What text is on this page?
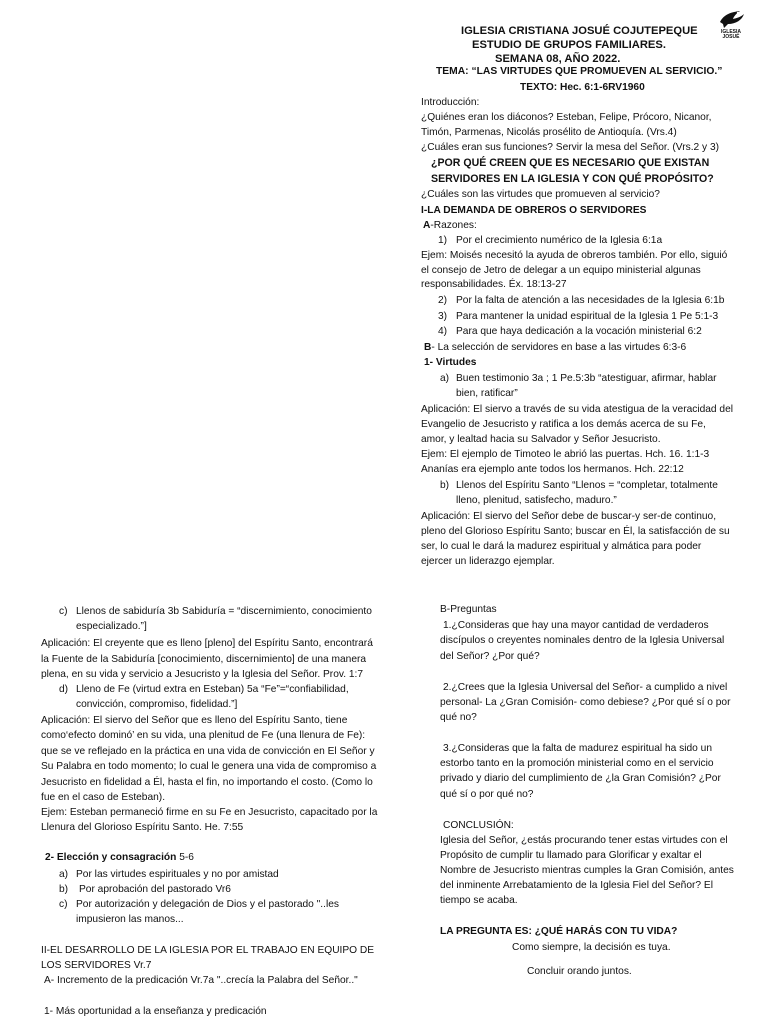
IGLESIA CRISTIANA JOSUÉ COJUTEPEQUE
ESTUDIO DE GRUPOS FAMILIARES.
SEMANA 08, AÑO 2022.
TEMA: “LAS VIRTUDES QUE PROMUEVEN AL SERVICIO.”
TEXTO: Hec. 6:1-6RV1960
IGLESIA JOSUÉ
Introducción:
¿Quiénes eran los diáconos? Esteban, Felipe, Prócoro, Nicanor,
Timón, Parmenas, Nicolás prosélito de Antioquía. (Vrs.4)
¿Cuáles eran sus funciones? Servir la mesa del Señor. (Vrs.2 y 3)
¿POR QUÉ CREEN QUE ES NECESARIO QUE EXISTAN
SERVIDORES EN LA IGLESIA Y CON QUÉ PROPÓSITO?
¿Cuáles son las virtudes que promueven al servicio?
I-LA DEMANDA DE OBREROS O SERVIDORES
A-Razones:
1) Por el crecimiento numérico de la Iglesia 6:1a
Ejem: Moisés necesitó la ayuda de obreros también. Por ello, siguió
el consejo de Jetro de delegar a un equipo ministerial algunas
responsabilidades. Éx. 18:13-27
2) Por la falta de atención a las necesidades de la Iglesia 6:1b
3) Para mantener la unidad espiritual de la Iglesia 1 Pe 5:1-3
4) Para que haya dedicación a la vocación ministerial 6:2
B- La selección de servidores en base a las virtudes 6:3-6
1- Virtudes
a) Buen testimonio 3a ; 1 Pe.5:3b “atestiguar, afirmar, hablar
bien, ratificar”
Aplicación: El siervo a través de su vida atestigua de la veracidad del
Evangelio de Jesucristo y ratifica a los demás acerca de su Fe,
amor, y lealtad hacia su Salvador y Señor Jesucristo.
Ejem: El ejemplo de Timoteo le abrió las puertas. Hch. 16. 1:1-3
Ananías era ejemplo ante todos los hermanos. Hch. 22:12
b) Llenos del Espíritu Santo “Llenos = “completar, totalmente
lleno, plenitud, satisfecho, maduro.”
Aplicación: El siervo del Señor debe de buscar-y ser-de continuo,
pleno del Glorioso Espíritu Santo; buscar en Él, la satisfacción de su
ser, lo cual le dará la madurez espiritual y almática para poder
ejercer un liderazgo ejemplar.
c) Llenos de sabiduría 3b Sabiduría = “discernimiento, conocimiento
especializado.”]
Aplicación: El creyente que es lleno [pleno] del Espíritu Santo, encontrará
la Fuente de la Sabiduría [conocimiento, discernimiento] de una manera
plena, en su vida y servicio a Jesucristo y la Iglesia del Señor. Prov. 1:7
d) Lleno de Fe (virtud extra en Esteban) 5a “Fe”=“confiabilidad,
convicción, compromiso, fidelidad.”]
Aplicación: El siervo del Señor que es lleno del Espíritu Santo, tiene
como‘efecto dominó’ en su vida, una plenitud de Fe (una llenura de Fe):
que se ve reflejado en la práctica en una vida de convicción en El Señor y
Su Palabra en todo momento; lo cual le genera una vida de compromiso a
Jesucristo en fidelidad a Él, hasta el fin, no importando el costo. (Como lo
fue en el caso de Esteban).
Ejem: Esteban permaneció firme en su Fe en Jesucristo, capacitado por la
Llenura del Glorioso Espíritu Santo. He. 7:55
2- Elección y consagración 5-6
a) Por las virtudes espirituales y no por amistad
b) Por aprobación del pastorado Vr6
c) Por autorización y delegación de Dios y el pastorado "..les
impusieron las manos...
II-EL DESARROLLO DE LA IGLESIA POR EL TRABAJO EN EQUIPO DE
LOS SERVIDORES Vr.7
A- Incremento de la predicación Vr.7a "..crecía la Palabra del Señor.."
1- Más oportunidad a la enseñanza y predicación
B-Preguntas
1.¿Consideras que hay una mayor cantidad de verdaderos
discípulos o creyentes nominales dentro de la Iglesia Universal
del Señor? ¿Por qué?
2.¿Crees que la Iglesia Universal del Señor- a cumplido a nivel
personal- La ¿Gran Comisión- como debiese? ¿Por qué sí o por
qué no?
3.¿Consideras que la falta de madurez espiritual ha sido un
estorbo tanto en la promoción ministerial como en el servicio
privado y diario del cumplimiento de ¿la Gran Comisión? ¿Por
qué sí o por qué no?
CONCLUSIÓN:
Iglesia del Señor, ¿estás procurando tener estas virtudes con el
Propósito de cumplir tu llamado para Glorificar y exaltar el
Nombre de Jesucristo mientras cumples la Gran Comisión, antes
del inminente Arrebatamiento de la Iglesia Fiel del Señor? El
tiempo se acaba.
LA PREGUNTA ES: ¿QUÉ HARÁS CON TU VIDA?
Como siempre, la decisión es tuya.
Concluir orando juntos.
